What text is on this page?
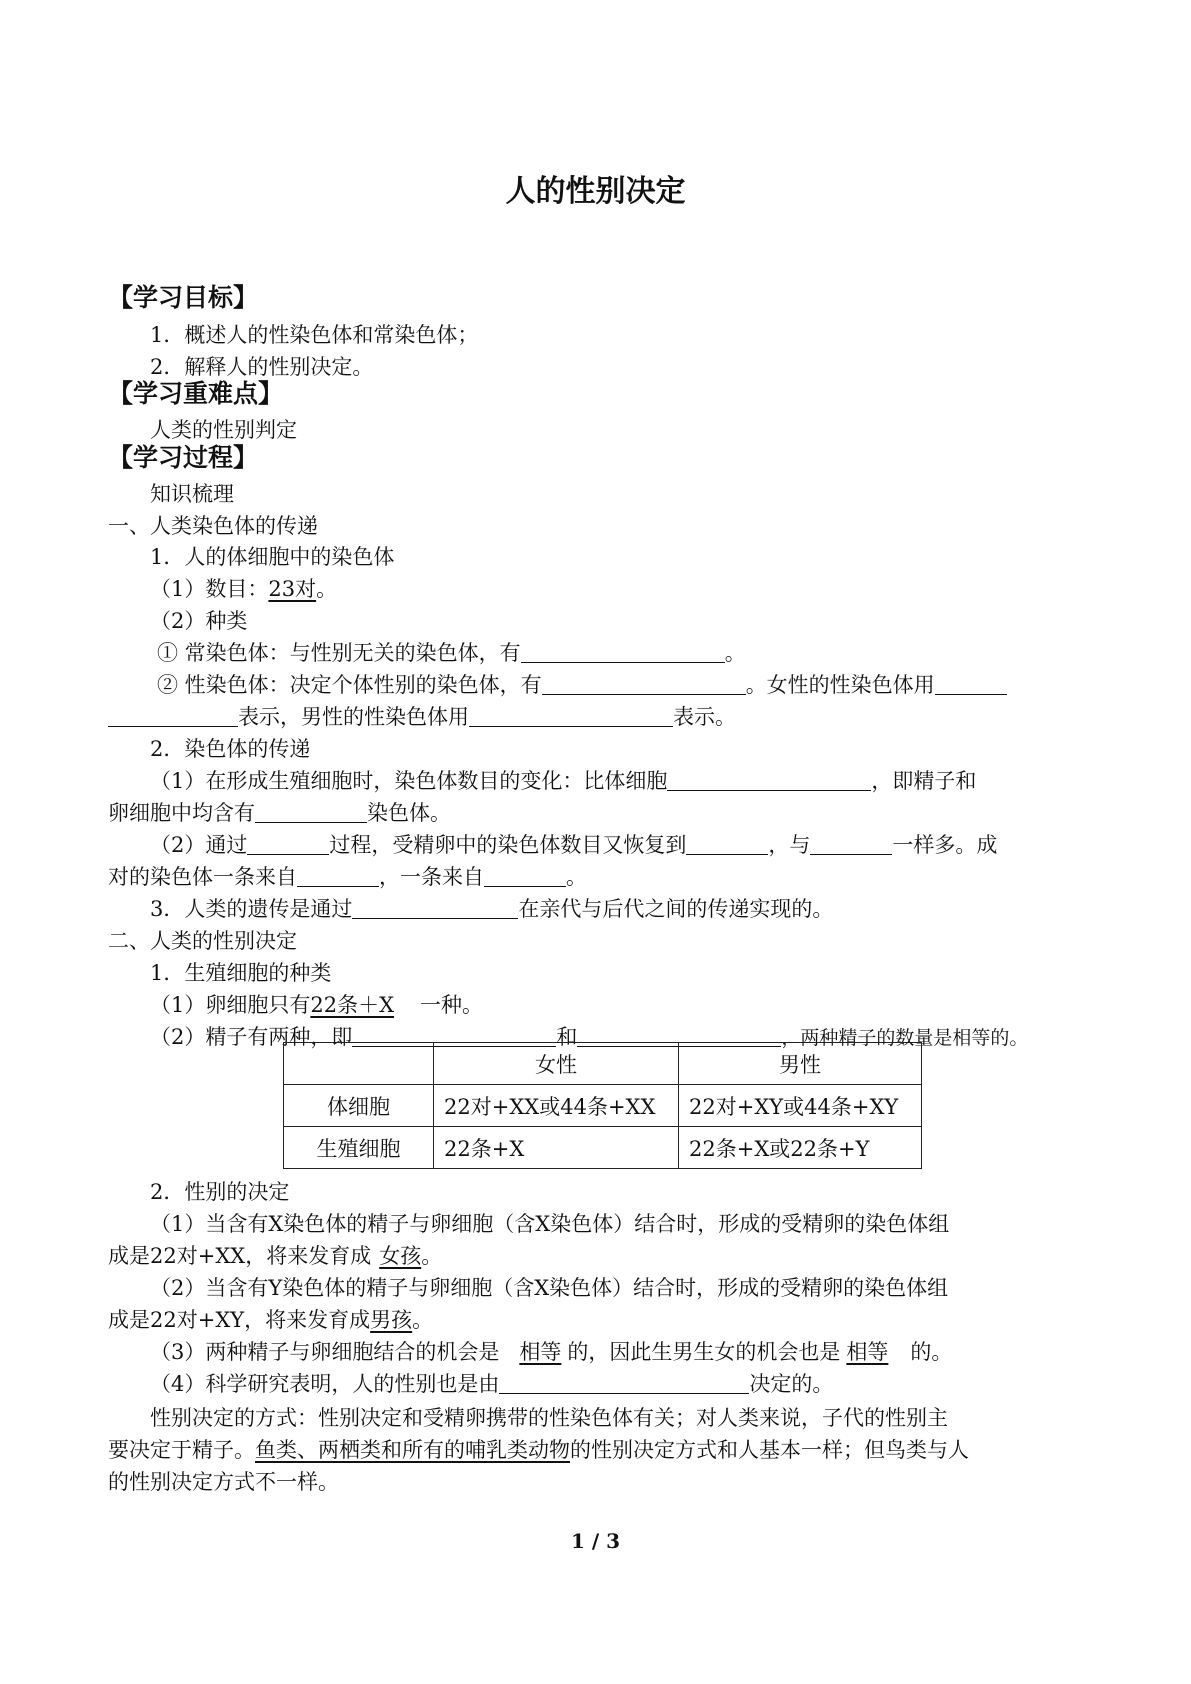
人的性别决定
【学习目标】
1．概述人的性染色体和常染色体；
2．解释人的性别决定。
【学习重难点】
人类的性别判定
【学习过程】
知识梳理
一、人类染色体的传递
1．人的体细胞中的染色体
（1）数目：23对。
（2）种类
① 常染色体：与性别无关的染色体，有	。
② 性染色体：决定个体性别的染色体，有	。女性的性染色体用
表示，男性的性染色体用	表示。
2．染色体的传递
（1）在形成生殖细胞时，染色体数目的变化：比体细胞	，即精子和
卵细胞中均含有	染色体。
（2）通过	过程，受精卵中的染色体数目又恢复到	，与	一样多。成
对的染色体一条来自	，一条来自	。
3．人类的遗传是通过	在亲代与后代之间的传递实现的。
二、人类的性别决定
1．生殖细胞的种类
（1）卵细胞只有22条＋X 一种。
（2）精子有两种，即	和	，两种精子的数量是相等的。
	女性	男性
体细胞	22对+XX或44条+XX	22对+XY或44条+XY
生殖细胞	22条+X	22条+X或22条+Y
2．性别的决定
（1）当含有X染色体的精子与卵细胞（含X染色体）结合时，形成的受精卵的染色体组
成是22对+XX，将来发育成 女孩。
（2）当含有Y染色体的精子与卵细胞（含X染色体）结合时，形成的受精卵的染色体组
成是22对+XY，将来发育成男孩。
（3）两种精子与卵细胞结合的机会是 相等 的，因此生男生女的机会也是 相等 的。
（4）科学研究表明，人的性别也是由	决定的。
性别决定的方式：性别决定和受精卵携带的性染色体有关；对人类来说，子代的性别主
要决定于精子。鱼类、两栖类和所有的哺乳类动物的性别决定方式和人基本一样；但鸟类与人
的性别决定方式不一样。
1 / 3
